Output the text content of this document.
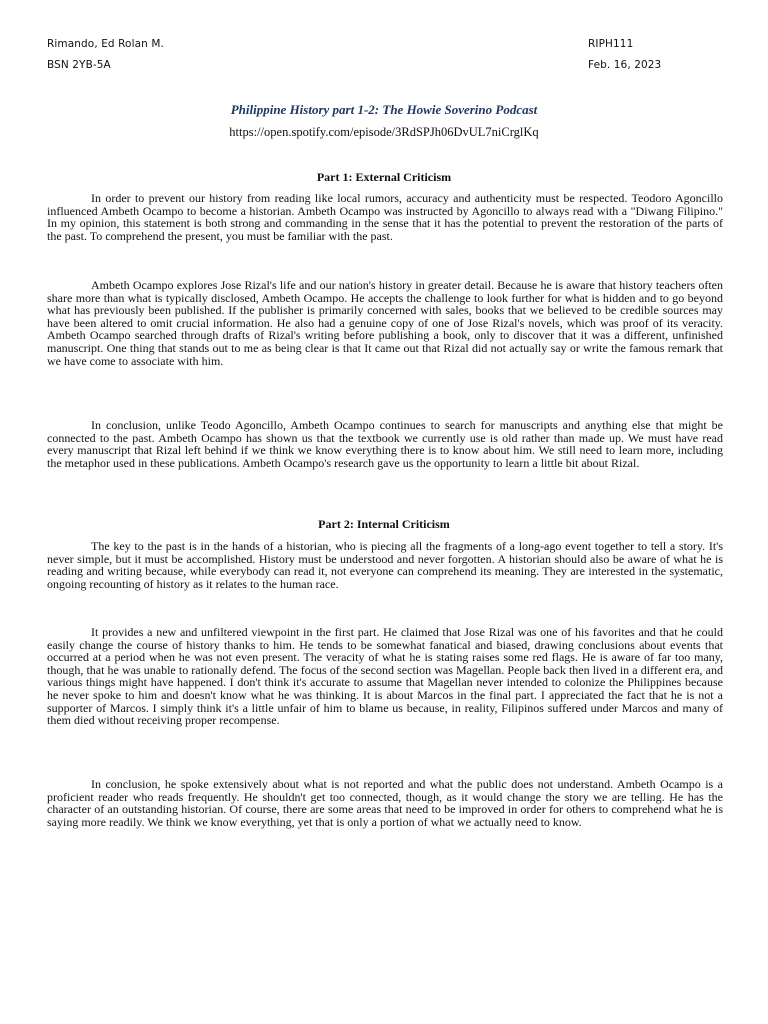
Rimando, Ed Rolan M.
BSN 2YB-5A
RIPH111
Feb. 16, 2023
Philippine History part 1-2: The Howie Soverino Podcast
https://open.spotify.com/episode/3RdSPJh06DvUL7niCrglKq
Part 1: External Criticism

In order to prevent our history from reading like local rumors, accuracy and authenticity must be respected. Teodoro Agoncillo influenced Ambeth Ocampo to become a historian. Ambeth Ocampo was instructed by Agoncillo to always read with a "Diwang Filipino." In my opinion, this statement is both strong and commanding in the sense that it has the potential to prevent the restoration of the parts of the past. To comprehend the present, you must be familiar with the past.

Ambeth Ocampo explores Jose Rizal's life and our nation's history in greater detail. Because he is aware that history teachers often share more than what is typically disclosed, Ambeth Ocampo. He accepts the challenge to look further for what is hidden and to go beyond what has previously been published. If the publisher is primarily concerned with sales, books that we believed to be credible sources may have been altered to omit crucial information. He also had a genuine copy of one of Jose Rizal's novels, which was proof of its veracity. Ambeth Ocampo searched through drafts of Rizal's writing before publishing a book, only to discover that it was a different, unfinished manuscript. One thing that stands out to me as being clear is that It came out that Rizal did not actually say or write the famous remark that we have come to associate with him.

In conclusion, unlike Teodo Agoncillo, Ambeth Ocampo continues to search for manuscripts and anything else that might be connected to the past. Ambeth Ocampo has shown us that the textbook we currently use is old rather than made up. We must have read every manuscript that Rizal left behind if we think we know everything there is to know about him. We still need to learn more, including the metaphor used in these publications. Ambeth Ocampo's research gave us the opportunity to learn a little bit about Rizal.

Part 2: Internal Criticism

The key to the past is in the hands of a historian, who is piecing all the fragments of a long-ago event together to tell a story. It's never simple, but it must be accomplished. History must be understood and never forgotten. A historian should also be aware of what he is reading and writing because, while everybody can read it, not everyone can comprehend its meaning. They are interested in the systematic, ongoing recounting of history as it relates to the human race.

It provides a new and unfiltered viewpoint in the first part. He claimed that Jose Rizal was one of his favorites and that he could easily change the course of history thanks to him. He tends to be somewhat fanatical and biased, drawing conclusions about events that occurred at a period when he was not even present. The veracity of what he is stating raises some red flags. He is aware of far too many, though, that he was unable to rationally defend. The focus of the second section was Magellan. People back then lived in a different era, and various things might have happened. I don't think it's accurate to assume that Magellan never intended to colonize the Philippines because he never spoke to him and doesn't know what he was thinking. It is about Marcos in the final part. I appreciated the fact that he is not a supporter of Marcos. I simply think it's a little unfair of him to blame us because, in reality, Filipinos suffered under Marcos and many of them died without receiving proper recompense.

In conclusion, he spoke extensively about what is not reported and what the public does not understand. Ambeth Ocampo is a proficient reader who reads frequently. He shouldn't get too connected, though, as it would change the story we are telling. He has the character of an outstanding historian. Of course, there are some areas that need to be improved in order for others to comprehend what he is saying more readily. We think we know everything, yet that is only a portion of what we actually need to know.
